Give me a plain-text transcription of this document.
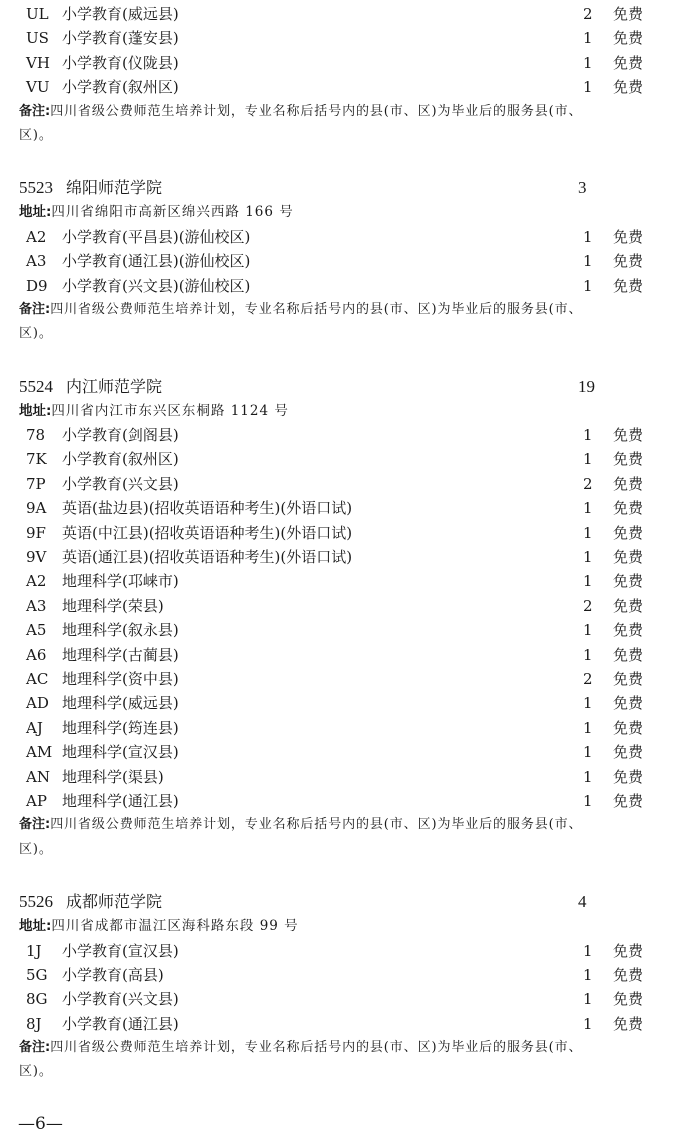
UL 小学教育(威远县)	2 免费
US 小学教育(蓬安县)	1 免费
VH 小学教育(仪陇县)	1 免费
VU 小学教育(叙州区)	1 免费
备注:四川省级公费师范生培养计划，专业名称后括号内的县(市、区)为毕业后的服务县(市、
区)。
5523 绵阳师范学院	3
地址:四川省绵阳市高新区绵兴西路 166 号
A2 小学教育(平昌县)(游仙校区)	1 免费
A3 小学教育(通江县)(游仙校区)	1 免费
D9 小学教育(兴文县)(游仙校区)	1 免费
备注:四川省级公费师范生培养计划，专业名称后括号内的县(市、区)为毕业后的服务县(市、
区)。
5524 内江师范学院	19
地址:四川省内江市东兴区东桐路 1124 号
78 小学教育(剑阁县)	1 免费
7K 小学教育(叙州区)	1 免费
7P 小学教育(兴文县)	2 免费
9A 英语(盐边县)(招收英语语种考生)(外语口试)	1 免费
9F 英语(中江县)(招收英语语种考生)(外语口试)	1 免费
9V 英语(通江县)(招收英语语种考生)(外语口试)	1 免费
A2 地理科学(邛崃市)	1 免费
A3 地理科学(荣县)	2 免费
A5 地理科学(叙永县)	1 免费
A6 地理科学(古蔺县)	1 免费
AC 地理科学(资中县)	2 免费
AD 地理科学(威远县)	1 免费
AJ 地理科学(筠连县)	1 免费
AM 地理科学(宣汉县)	1 免费
AN 地理科学(渠县)	1 免费
AP 地理科学(通江县)	1 免费
备注:四川省级公费师范生培养计划，专业名称后括号内的县(市、区)为毕业后的服务县(市、
区)。
5526 成都师范学院	4
地址:四川省成都市温江区海科路东段 99 号
1J 小学教育(宣汉县)	1 免费
5G 小学教育(高县)	1 免费
8G 小学教育(兴文县)	1 免费
8J 小学教育(通江县)	1 免费
备注:四川省级公费师范生培养计划，专业名称后括号内的县(市、区)为毕业后的服务县(市、
区)。
—6—
